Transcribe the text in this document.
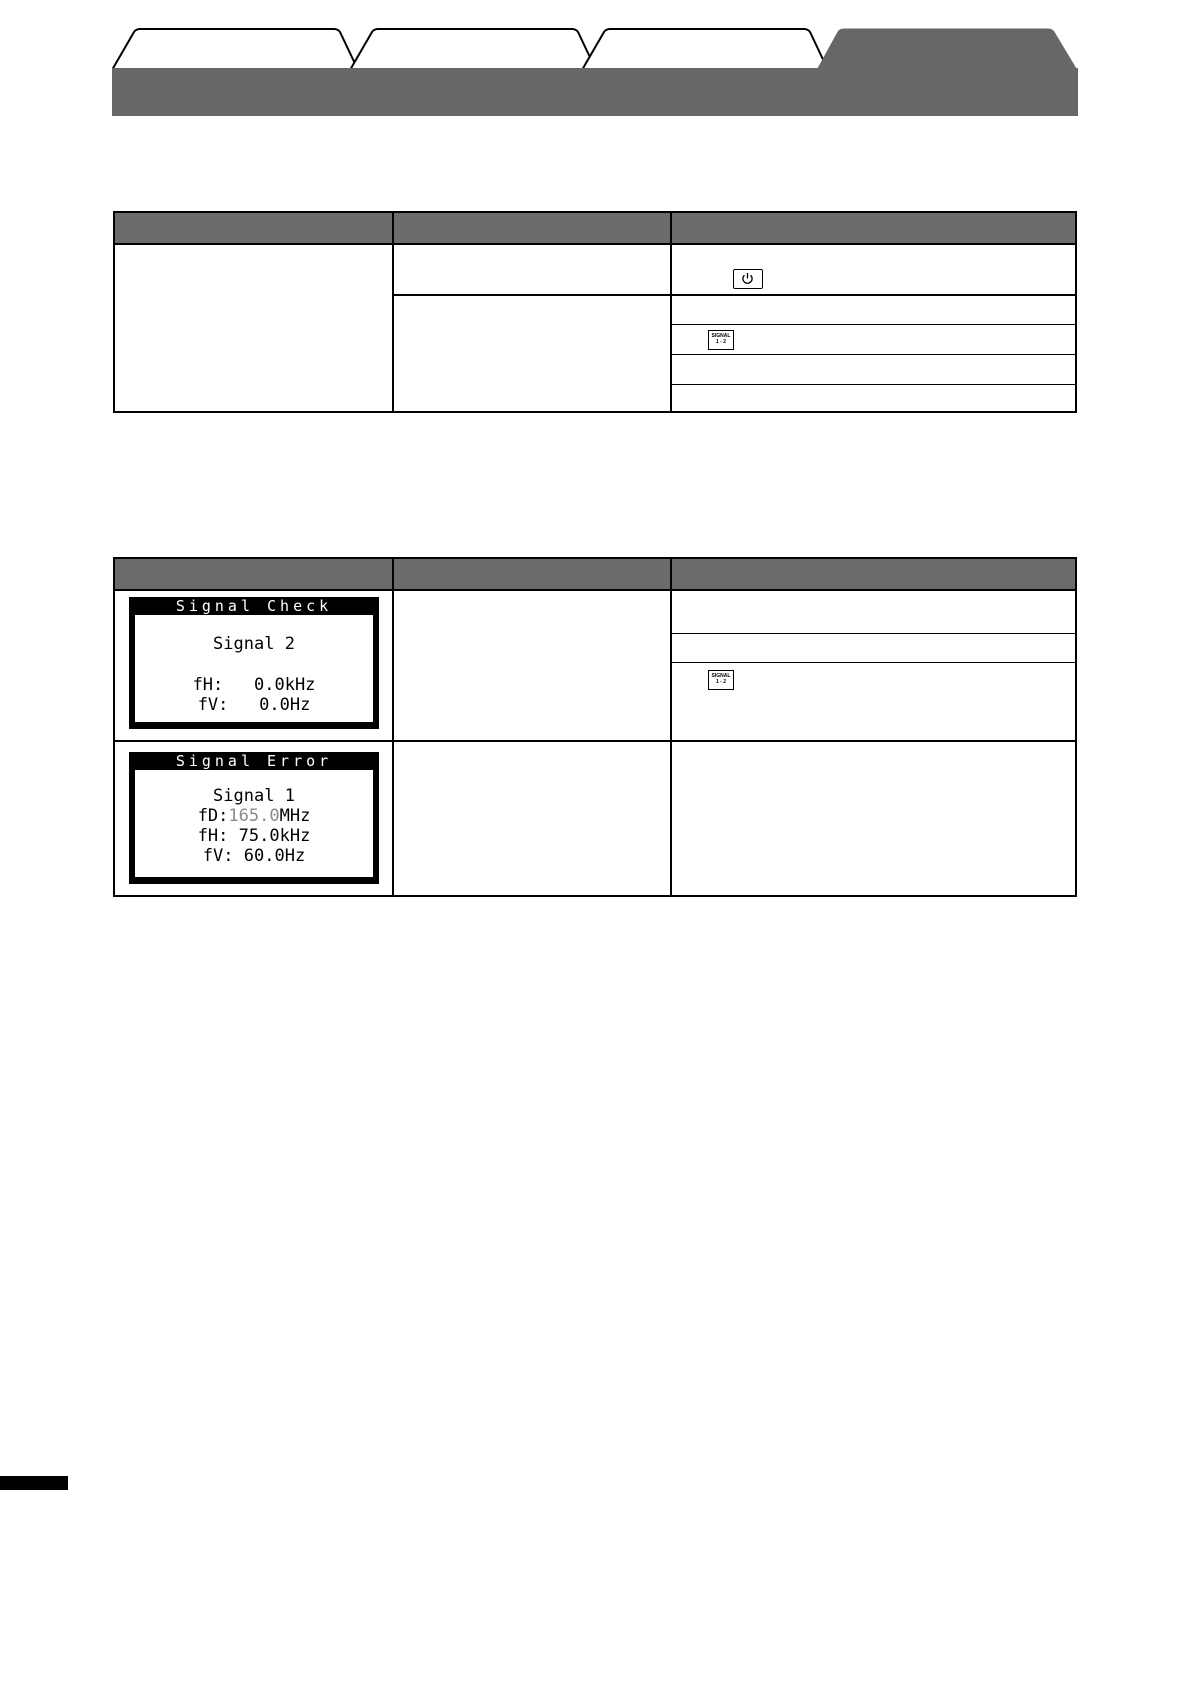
SIGNAL
1 - 2
SIGNAL
1 - 2
Signal Check
Signal 2
fH: 0.0kHz
fV: 0.0Hz
Signal Error
Signal 1
fD:165.0MHz
fH: 75.0kHz
fV: 60.0Hz
